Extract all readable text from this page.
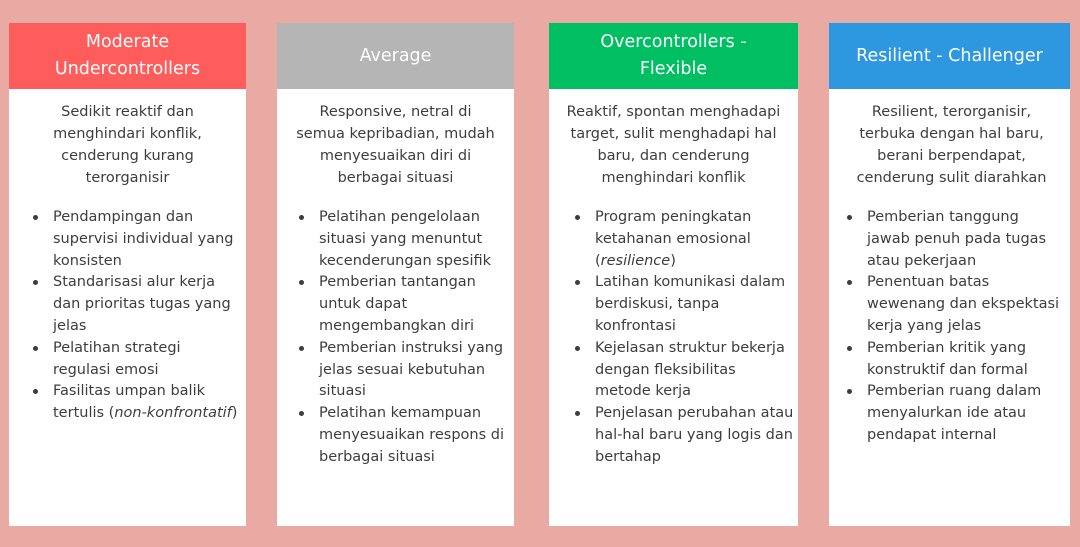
Moderate Undercontrollers
Sedikit reaktif dan menghindari konflik, cenderung kurang terorganisir
Pendampingan dan supervisi individual yang konsisten
Standarisasi alur kerja dan prioritas tugas yang jelas
Pelatihan strategi regulasi emosi
Fasilitas umpan balik tertulis (non-konfrontatif)
Average
Responsive, netral di semua kepribadian, mudah menyesuaikan diri di berbagai situasi
Pelatihan pengelolaan situasi yang menuntut kecenderungan spesifik
Pemberian tantangan untuk dapat mengembangkan diri
Pemberian instruksi yang jelas sesuai kebutuhan situasi
Pelatihan kemampuan menyesuaikan respons di berbagai situasi
Overcontrollers - Flexible
Reaktif, spontan menghadapi target, sulit menghadapi hal baru, dan cenderung menghindari konflik
Program peningkatan ketahanan emosional (resilience)
Latihan komunikasi dalam berdiskusi, tanpa konfrontasi
Kejelasan struktur bekerja dengan fleksibilitas metode kerja
Penjelasan perubahan atau hal-hal baru yang logis dan bertahap
Resilient - Challenger
Resilient, terorganisir, terbuka dengan hal baru, berani berpendapat, cenderung sulit diarahkan
Pemberian tanggung jawab penuh pada tugas atau pekerjaan
Penentuan batas wewenang dan ekspektasi kerja yang jelas
Pemberian kritik yang konstruktif dan formal
Pemberian ruang dalam menyalurkan ide atau pendapat internal
